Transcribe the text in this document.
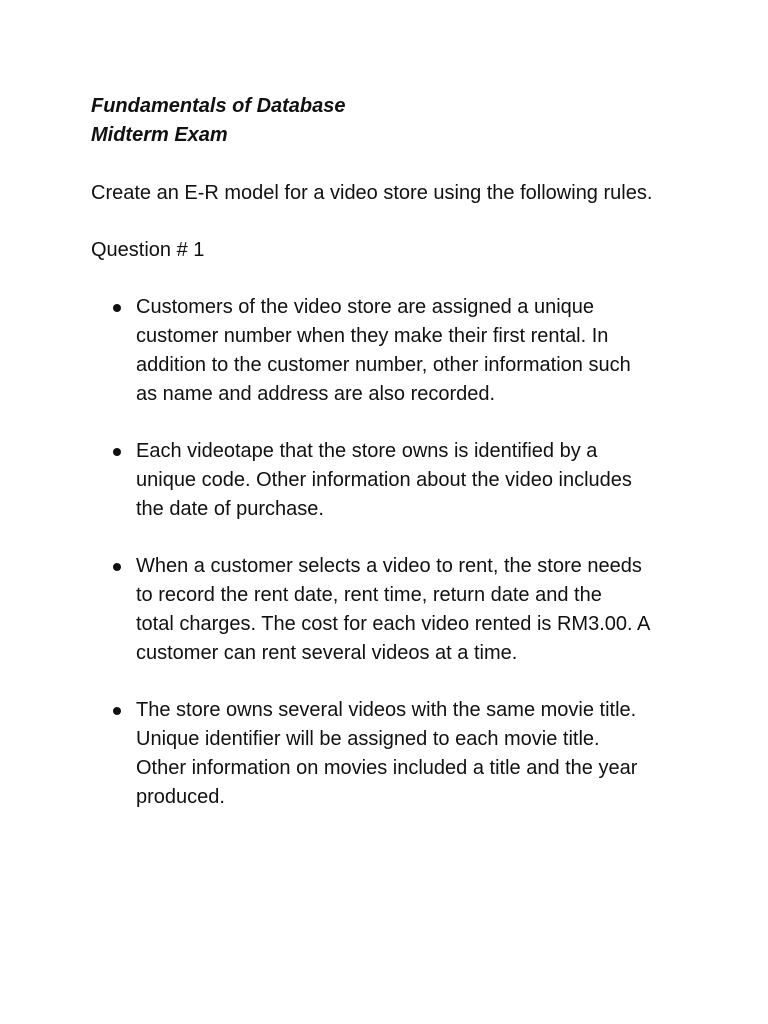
Fundamentals of Database
Midterm Exam
Create an E-R model for a video store using the following rules.
Question # 1
Customers of the video store are assigned a unique
customer number when they make their first rental. In
addition to the customer number, other information such
as name and address are also recorded.
Each videotape that the store owns is identified by a
unique code. Other information about the video includes
the date of purchase.
When a customer selects a video to rent, the store needs
to record the rent date, rent time, return date and the
total charges. The cost for each video rented is RM3.00. A
customer can rent several videos at a time.
The store owns several videos with the same movie title.
Unique identifier will be assigned to each movie title.
Other information on movies included a title and the year
produced.
